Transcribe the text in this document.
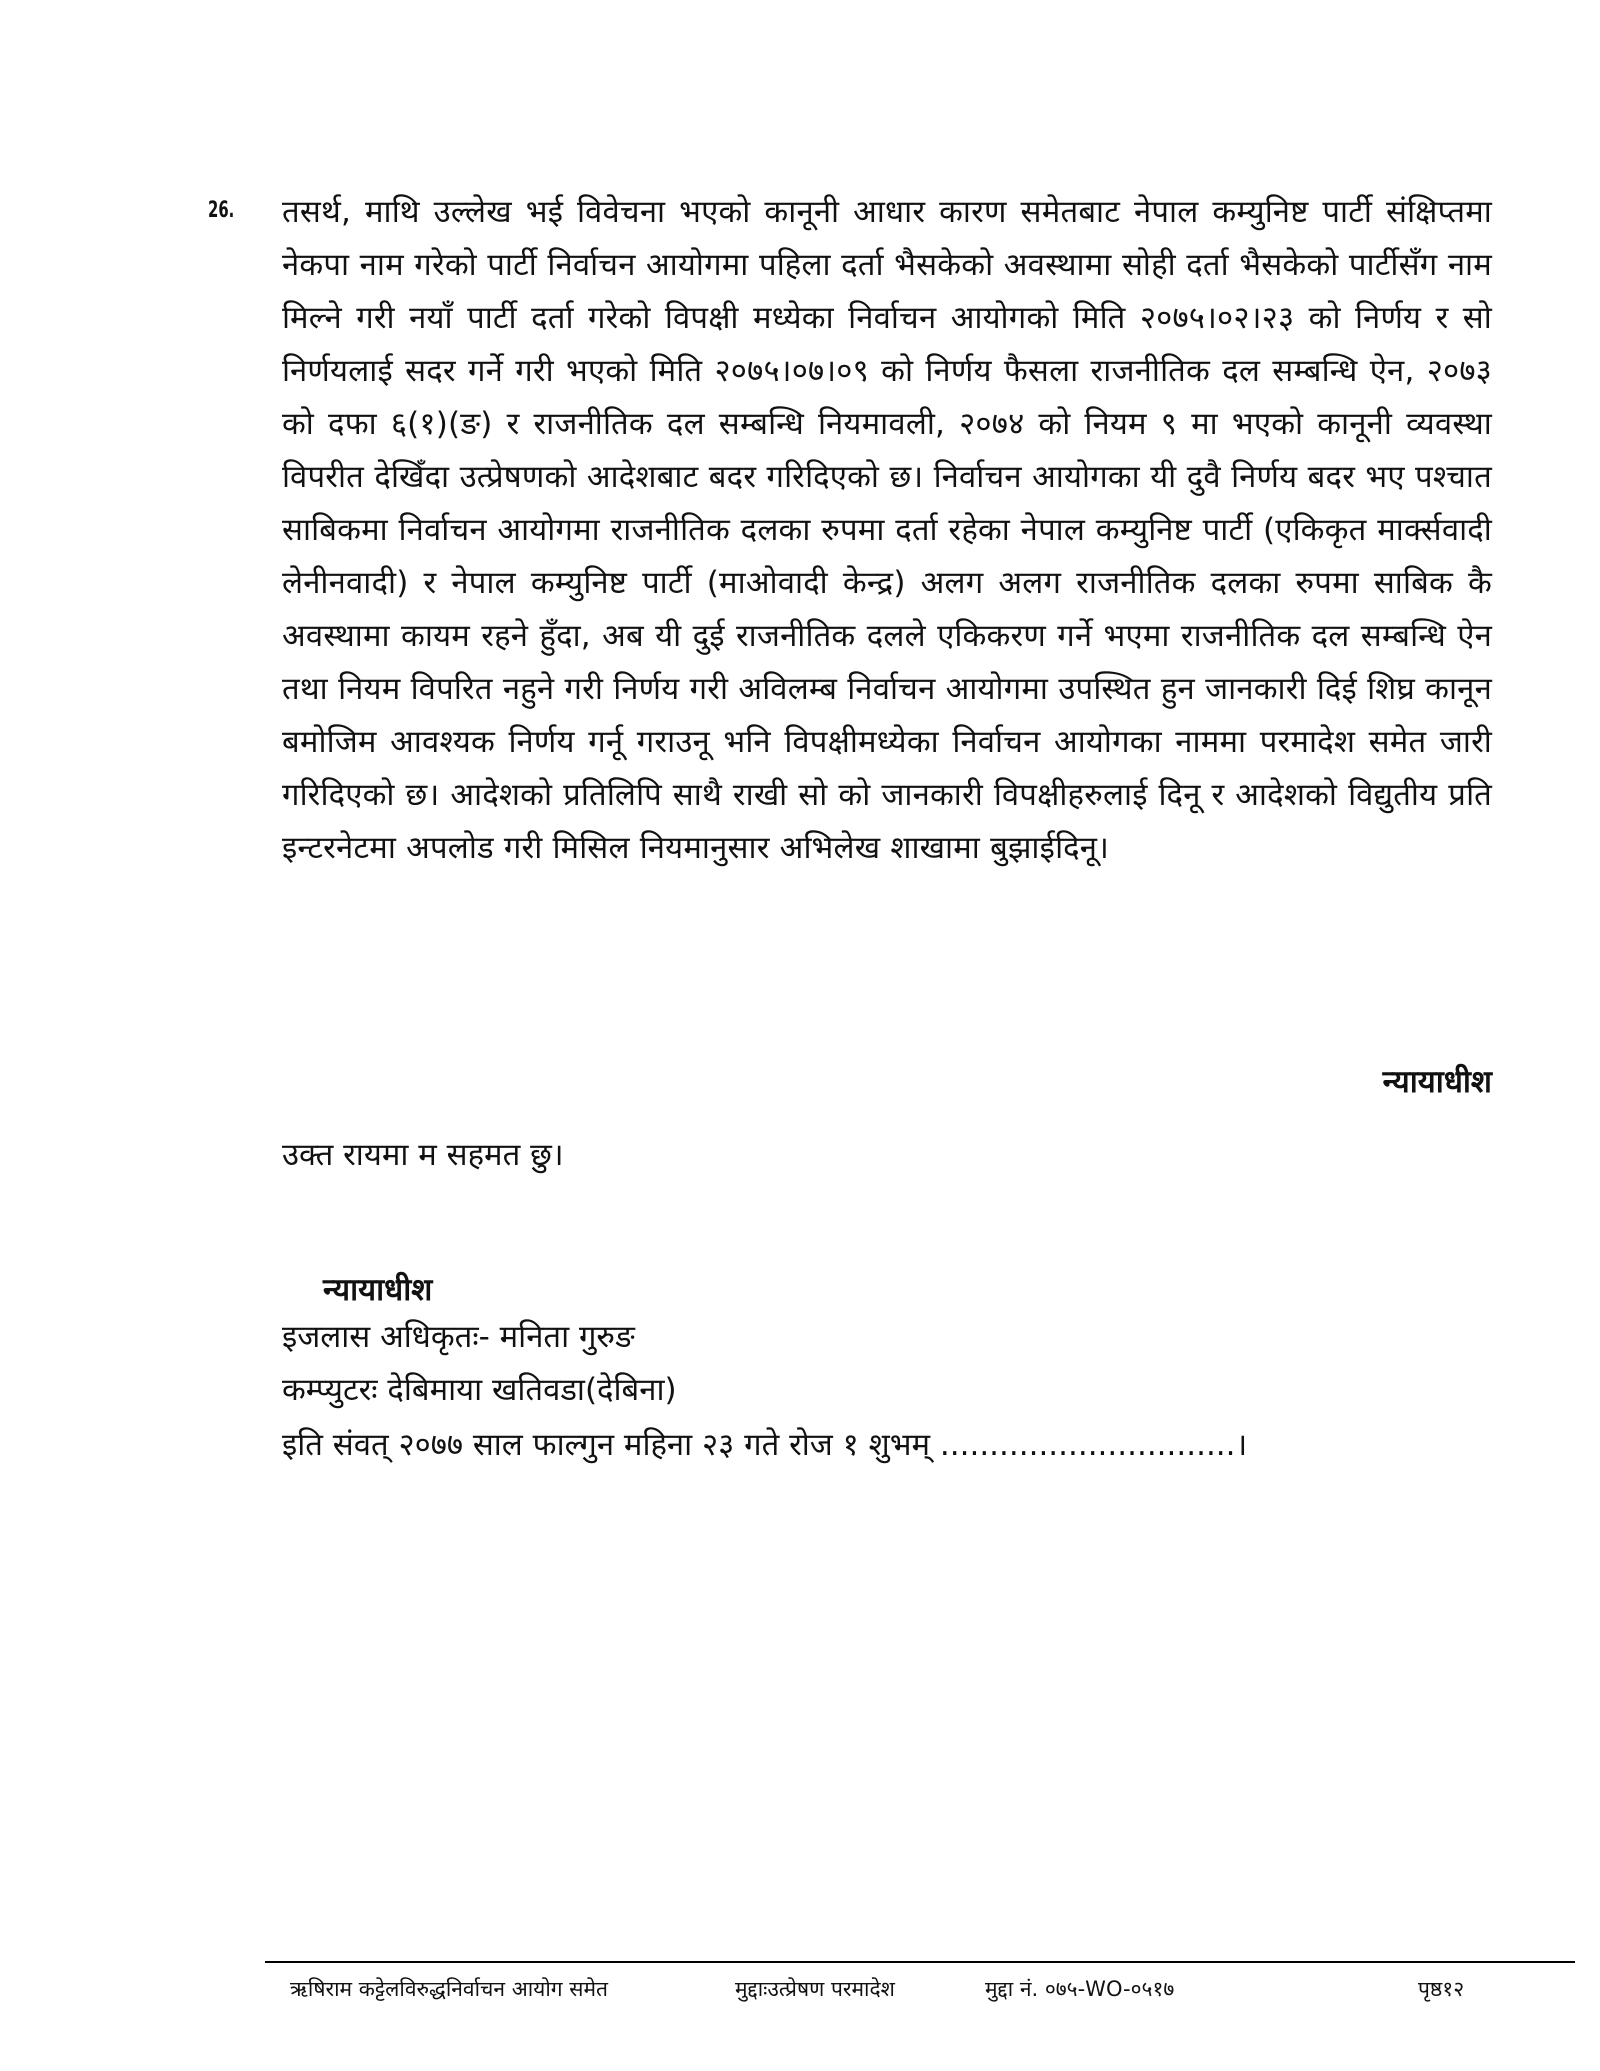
26. तसर्थ, माथि उल्लेख भई विवेचना भएको कानूनी आधार कारण समेतबाट नेपाल कम्युनिष्ट पार्टी संक्षिप्तमा नेकपा नाम गरेको पार्टी निर्वाचन आयोगमा पहिला दर्ता भैसकेको अवस्थामा सोही दर्ता भैसकेको पार्टीसँग नाम मिल्ने गरी नयाँ पार्टी दर्ता गरेको विपक्षी मध्येका निर्वाचन आयोगको मिति २०७५।०२।२३ को निर्णय र सो निर्णयलाई सदर गर्ने गरी भएको मिति २०७५।०७।०९ को निर्णय फैसला राजनीतिक दल सम्बन्धि ऐन, २०७३ को दफा ६(१)(ङ) र राजनीतिक दल सम्बन्धि नियमावली, २०७४ को नियम ९ मा भएको कानूनी व्यवस्था विपरीत देखिँदा उत्प्रेषणको आदेशबाट बदर गरिदिएको छ। निर्वाचन आयोगका यी दुवै निर्णय बदर भए पश्चात साबिकमा निर्वाचन आयोगमा राजनीतिक दलका रुपमा दर्ता रहेका नेपाल कम्युनिष्ट पार्टी (एकिकृत मार्क्सवादी लेनीनवादी) र नेपाल कम्युनिष्ट पार्टी (माओवादी केन्द्र) अलग अलग राजनीतिक दलका रुपमा साबिक कै अवस्थामा कायम रहने हुँदा, अब यी दुई राजनीतिक दलले एकिकरण गर्ने भएमा राजनीतिक दल सम्बन्धि ऐन तथा नियम विपरित नहुने गरी निर्णय गरी अविलम्ब निर्वाचन आयोगमा उपस्थित हुन जानकारी दिई शिघ्र कानून बमोजिम आवश्यक निर्णय गर्नू गराउनू भनि विपक्षीमध्येका निर्वाचन आयोगका नाममा परमादेश समेत जारी गरिदिएको छ। आदेशको प्रतिलिपि साथै राखी सो को जानकारी विपक्षीहरुलाई दिनू र आदेशको विद्युतीय प्रति इन्टरनेटमा अपलोड गरी मिसिल नियमानुसार अभिलेख शाखामा बुझाईदिनू।
न्यायाधीश
उक्त रायमा म सहमत छु।
न्यायाधीश
इजलास अधिकृतः- मनिता गुरुङ
कम्प्युटरः देबिमाया खतिवडा(देबिना)
इति संवत् २०७७ साल फाल्गुन महिना २३ गते रोज १ शुभम् ..............................।
ऋषिराम कट्टेलविरुद्धनिर्वाचन आयोग समेत	मुद्दाःउत्प्रेषण परमादेश	मुद्दा नं. ०७५-WO-०५१७	पृष्ठ१२
